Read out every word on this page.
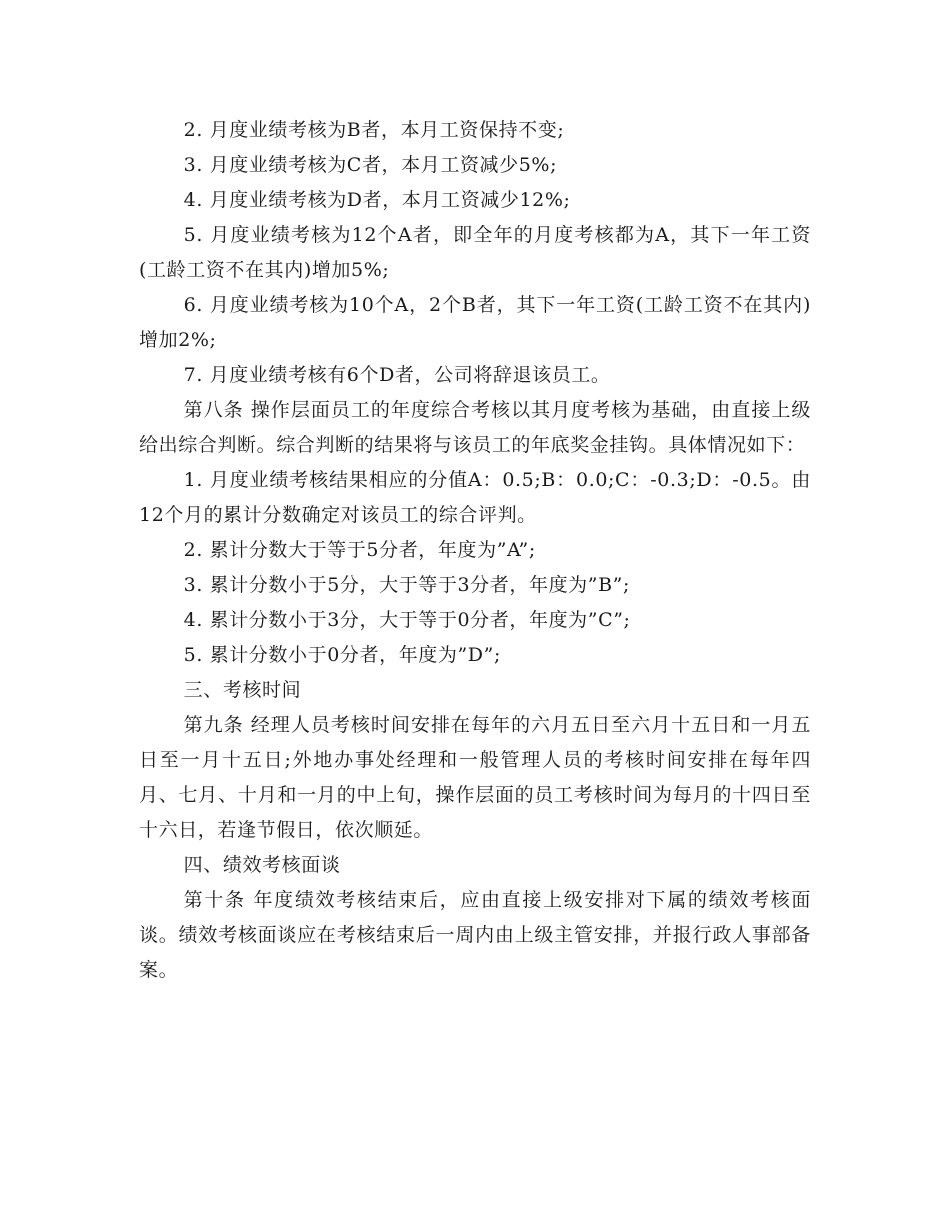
2. 月度业绩考核为B者，本月工资保持不变;

3. 月度业绩考核为C者，本月工资减少5%;

4. 月度业绩考核为D者，本月工资减少12%;

5. 月度业绩考核为12个A者，即全年的月度考核都为A，其下一年工资(工龄工资不在其内)增加5%;

6. 月度业绩考核为10个A，2个B者，其下一年工资(工龄工资不在其内)增加2%;

7. 月度业绩考核有6个D者，公司将辞退该员工。

第八条 操作层面员工的年度综合考核以其月度考核为基础，由直接上级给出综合判断。综合判断的结果将与该员工的年底奖金挂钩。具体情况如下：

1. 月度业绩考核结果相应的分值A：0.5;B：0.0;C：-0.3;D：-0.5。由12个月的累计分数确定对该员工的综合评判。

2. 累计分数大于等于5分者，年度为”A”;

3. 累计分数小于5分，大于等于3分者，年度为”B”;

4. 累计分数小于3分，大于等于0分者，年度为”C”;

5. 累计分数小于0分者，年度为”D”;

三、考核时间

第九条 经理人员考核时间安排在每年的六月五日至六月十五日和一月五日至一月十五日;外地办事处经理和一般管理人员的考核时间安排在每年四月、七月、十月和一月的中上旬，操作层面的员工考核时间为每月的十四日至十六日，若逢节假日，依次顺延。

四、绩效考核面谈

第十条 年度绩效考核结束后，应由直接上级安排对下属的绩效考核面谈。绩效考核面谈应在考核结束后一周内由上级主管安排，并报行政人事部备案。
